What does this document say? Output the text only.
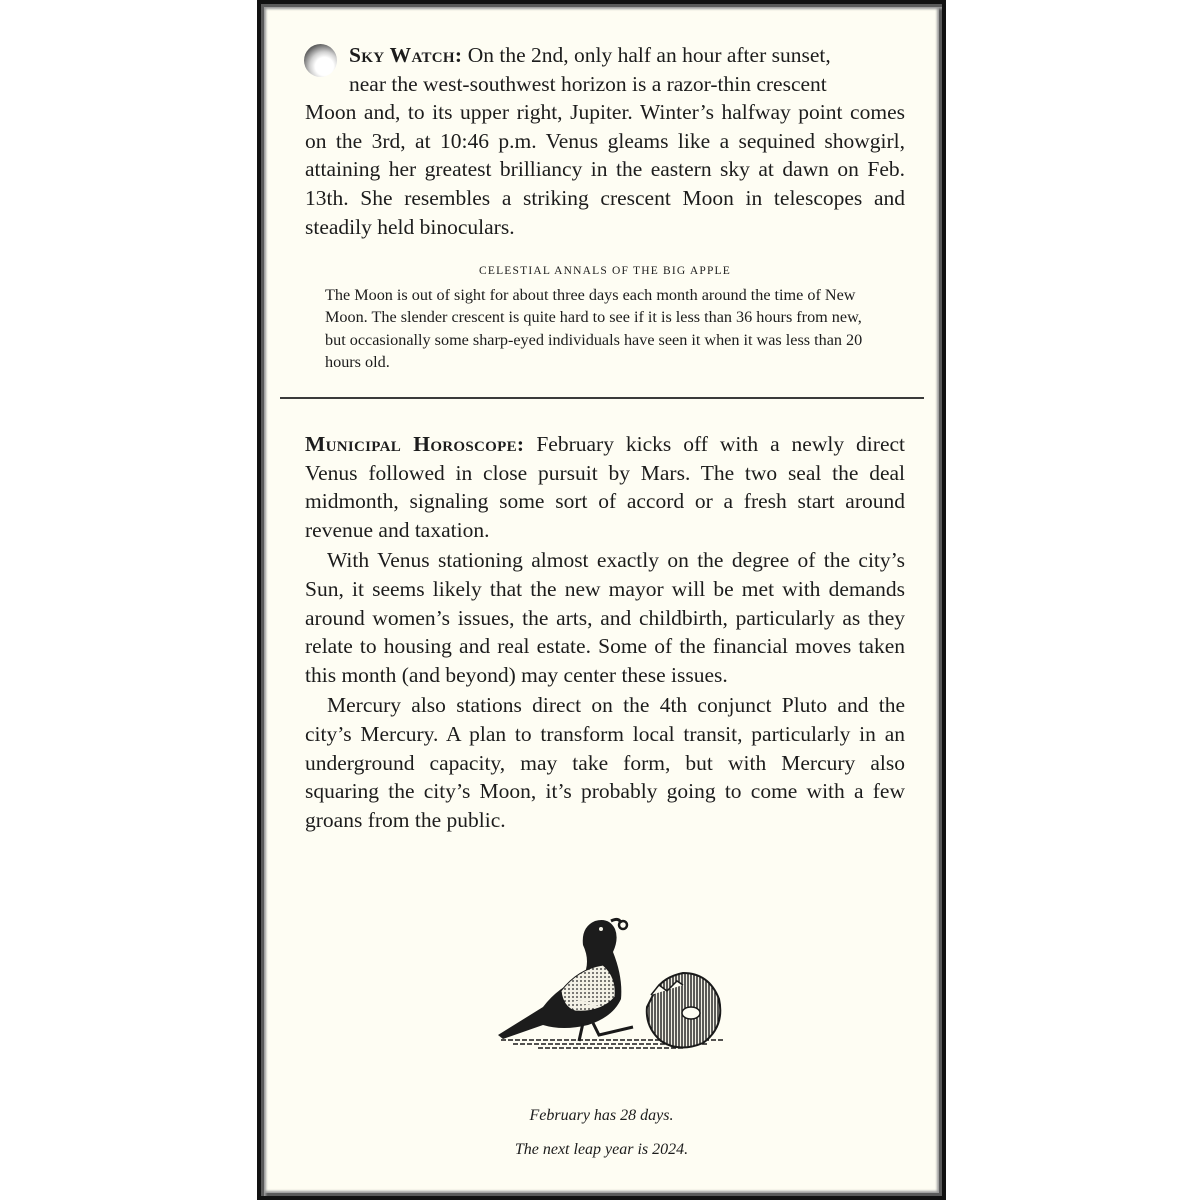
Sky Watch: On the 2nd, only half an hour after sunset,
near the west-southwest horizon is a razor-thin crescent
Moon and, to its upper right, Jupiter. Winter’s halfway point comes on the 3rd, at 10:46 p.m. Venus gleams like a sequined showgirl, attaining her greatest brilliancy in the eastern sky at dawn on Feb. 13th. She resembles a striking crescent Moon in telescopes and steadily held binoculars.
CELESTIAL ANNALS OF THE BIG APPLE

The Moon is out of sight for about three days each month around the time of New Moon. The slender crescent is quite hard to see if it is less than 36 hours from new, but occasionally some sharp-eyed individuals have seen it when it was less than 20 hours old.

Municipal Horoscope: February kicks off with a newly direct Venus followed in close pursuit by Mars. The two seal the deal midmonth, signaling some sort of accord or a fresh start around revenue and taxation.

With Venus stationing almost exactly on the degree of the city’s Sun, it seems likely that the new mayor will be met with demands around women’s issues, the arts, and childbirth, particularly as they relate to housing and real estate. Some of the financial moves taken this month (and beyond) may center these issues.

Mercury also stations direct on the 4th conjunct Pluto and the city’s Mercury. A plan to transform local transit, particularly in an underground capacity, may take form, but with Mercury also squaring the city’s Moon, it’s probably going to come with a few groans from the public.

February has 28 days.
The next leap year is 2024.
